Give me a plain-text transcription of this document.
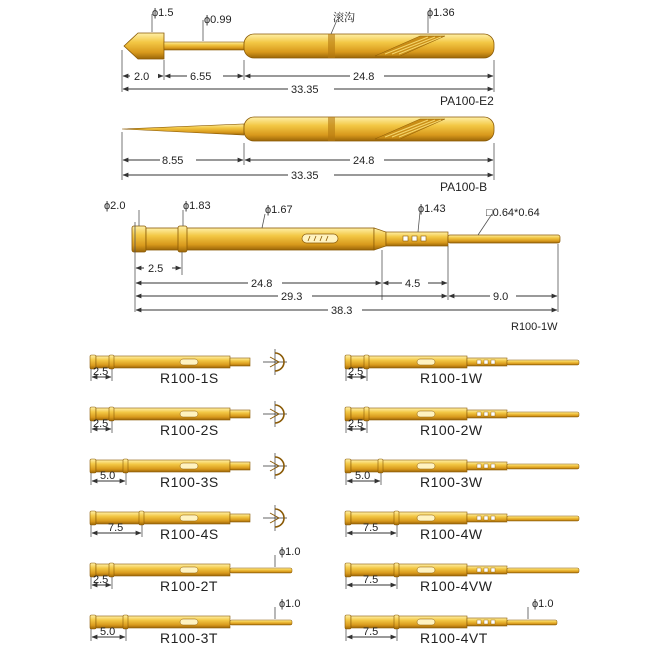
ϕ1.5
ϕ0.99	滚沟	ϕ1.36
2.0	6.55	24.8
33.35
PA100-E2
8.55	24.8
33.35
PA100-B
ϕ2.0	ϕ1.83	ϕ1.67	ϕ1.43	□0.64*0.64
2.5
24.8	4.5
29.3	9.0
38.3
R100-1W
2.5	R100-1S
2.5	R100-2S
5.0	R100-3S
7.5	R100-4S
ϕ1.0
2.5	R100-2T
ϕ1.0
5.0	R100-3T
2.5	R100-1W
2.5	R100-2W
5.0	R100-3W
7.5	R100-4W
7.5	R100-4VW
ϕ1.0
7.5	R100-4VT
